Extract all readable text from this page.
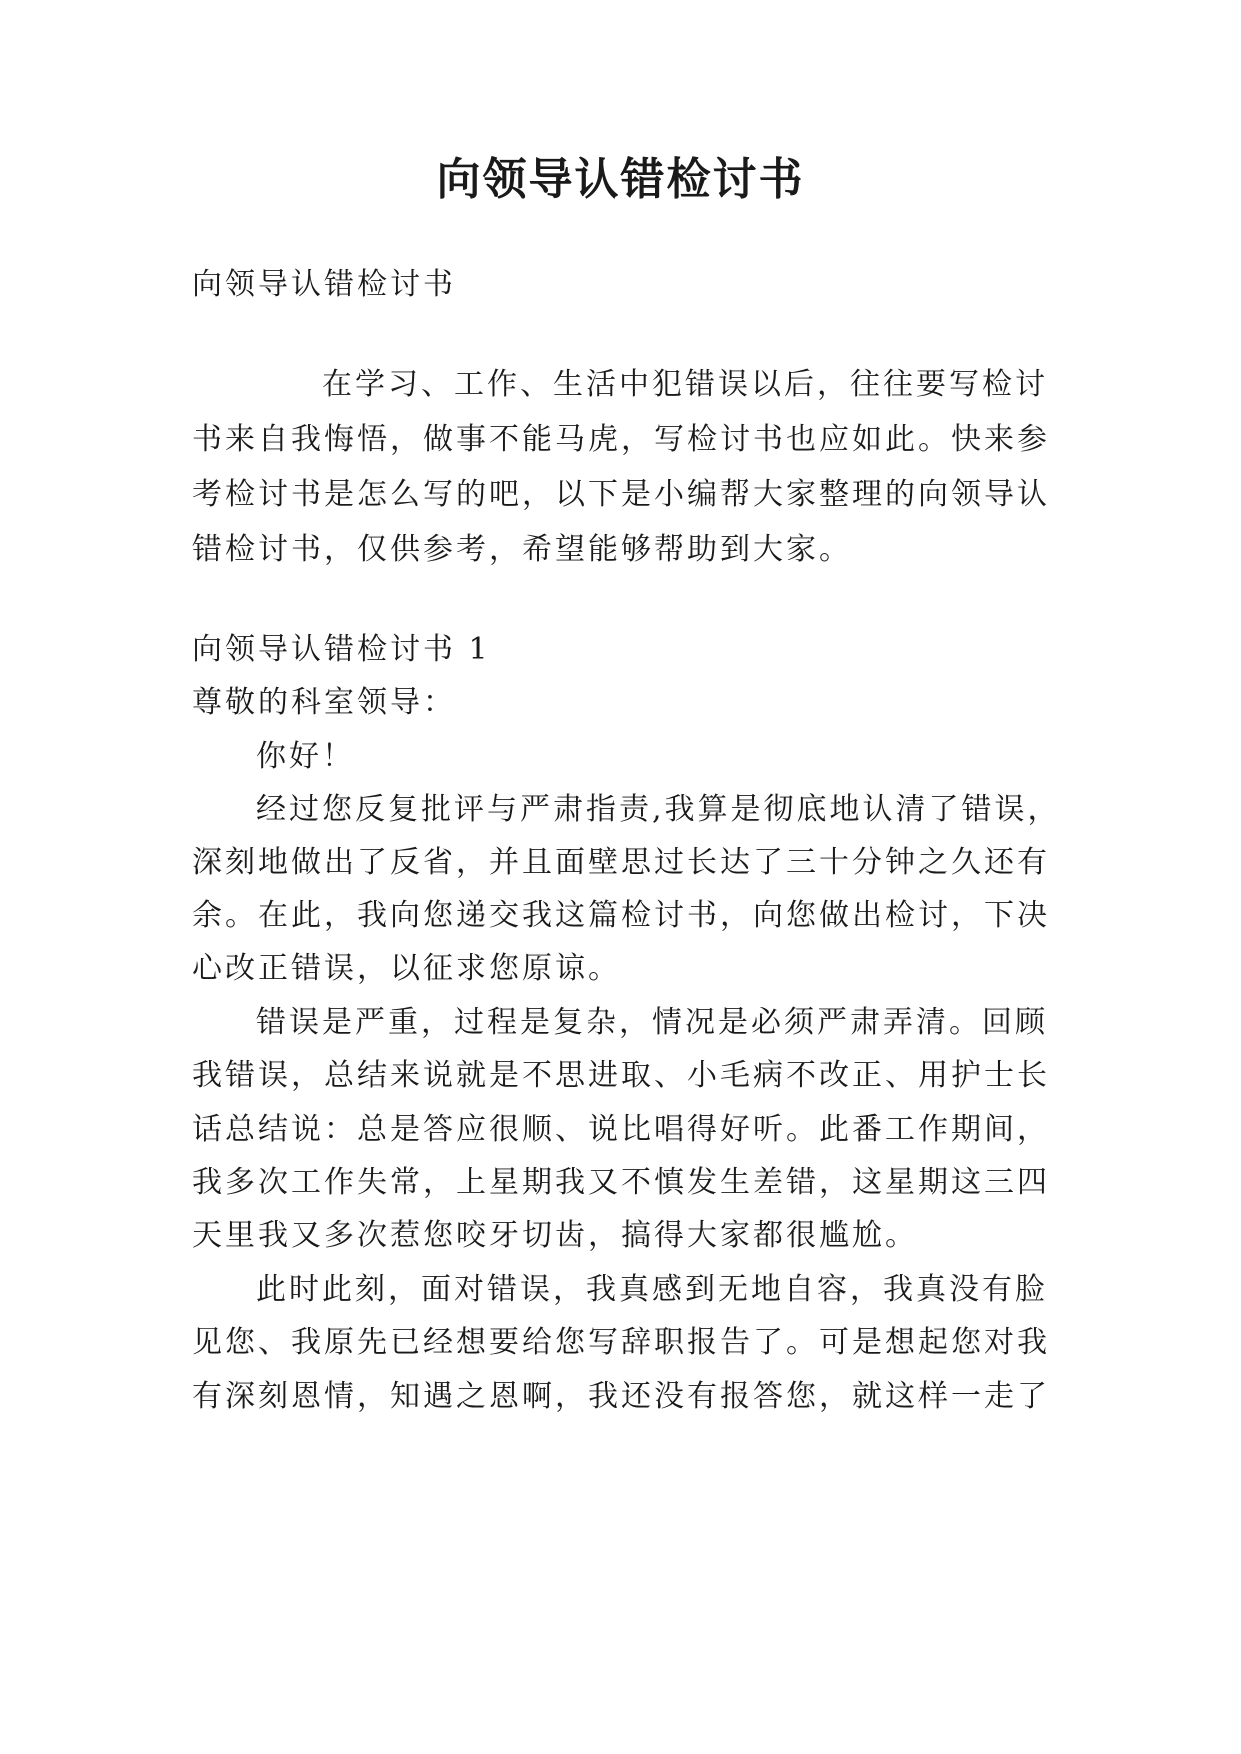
向领导认错检讨书

向领导认错检讨书

在学习、工作、生活中犯错误以后，往往要写检讨

书来自我悔悟，做事不能马虎，写检讨书也应如此。快来参

考检讨书是怎么写的吧，以下是小编帮大家整理的向领导认

错检讨书，仅供参考，希望能够帮助到大家。

向领导认错检讨书 1

尊敬的科室领导：

你好！

经过您反复批评与严肃指责,我算是彻底地认清了错误，

深刻地做出了反省，并且面壁思过长达了三十分钟之久还有

余。在此，我向您递交我这篇检讨书，向您做出检讨，下决

心改正错误，以征求您原谅。

错误是严重，过程是复杂，情况是必须严肃弄清。回顾

我错误，总结来说就是不思进取、小毛病不改正、用护士长

话总结说：总是答应很顺、说比唱得好听。此番工作期间，

我多次工作失常，上星期我又不慎发生差错，这星期这三四

天里我又多次惹您咬牙切齿，搞得大家都很尴尬。

此时此刻，面对错误，我真感到无地自容，我真没有脸

见您、我原先已经想要给您写辞职报告了。可是想起您对我

有深刻恩情，知遇之恩啊，我还没有报答您，就这样一走了
